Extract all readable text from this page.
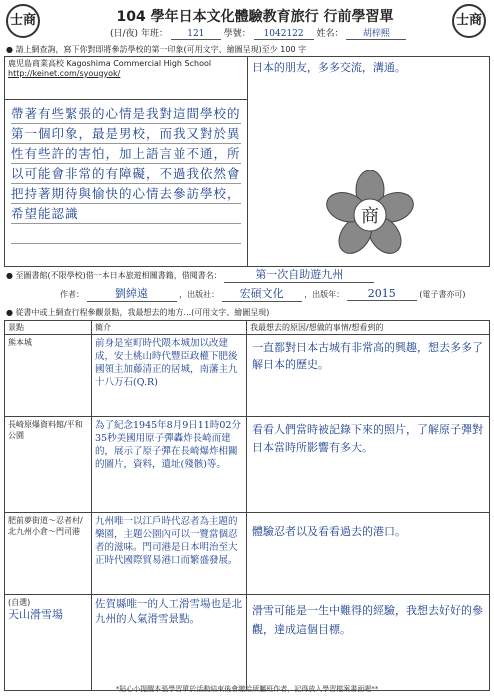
士商	士商
104 學年日本文化體驗教育旅行 行前學習單
(日/夜) 年班： 121 學號： 1042122 姓名： 胡梓熙
● 請上網查詢，寫下你對即將參訪學校的第一印象(可用文字、繪圖呈現)至少 100 字
鹿児島商業高校 Kagoshima Commercial High School
http://keinet.com/syougyok/	日本的朋友，多多交流，溝通。

帶著有些緊張的心情是我對這間學校的第一個印象，最是男校，而我又對於異性有些許的害怕，加上語言並不通，所以可能會非常的有障礙，不過我依然會把持著期待與愉快的心情去參訪學校，希望能認識	商
● 至圖書館(不限學校)借一本日本旅遊相關書籍，借閱書名：	第一次自助遊九州
作者：	劉綽遠	，出版社： 宏碩文化	，出版年： 2015	(電子書亦可)
● 從書中或上網查行程參觀景點，我最想去的地方...(可用文字、繪圖呈現)
景點	簡介	我最想去的原因/想做的事情/想看到的
熊本城	前身是室町時代隈本城加以改建成，安土桃山時代豐臣政權下肥後國領主加藤清正的居城，南藩主九十八万石(Q.R)	一直都對日本古城有非常高的興趣，想去多多了解日本的歷史。

長崎原爆資料館/平和公園	為了紀念1945年8月9日11時02分35秒美國用原子彈轟炸長崎而建的，展示了原子彈在長崎爆炸相關的圖片，資料，遺址(殘骸)等。	看看人們當時被記錄下來的照片，了解原子彈對日本當時所影響有多大。

肥前夢街道～忍者村/北九州小倉～門司港	九州唯一以江戶時代忍者為主題的樂園，主題公園內可以一覽當個忍者的滋味。門司港是日本明治至大正時代國際貿易港口而繁盛發展。	體驗忍者以及看看過去的港口。

(自選)
天山滑雪場	佐賀縣唯一的人工滑雪場也是北九州的人氣滑雪景點。	滑雪可能是一生中難得的經驗，我想去好好的參觀，達成這個目標。
*貼心小提醒本張學習單於活動結束後會繳給所屬班作者，記得放入學習檔案書面喔**
